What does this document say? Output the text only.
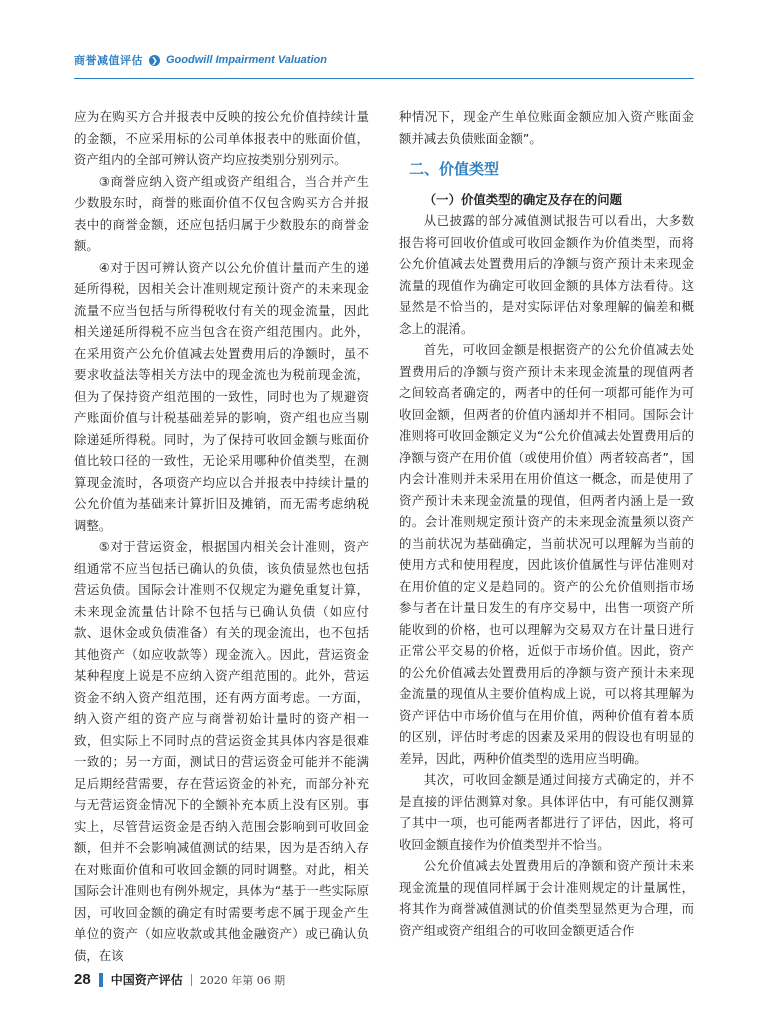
商誉减值评估 ❯ Goodwill Impairment Valuation

应为在购买方合并报表中反映的按公允价值持续计量的金额，不应采用标的公司单体报表中的账面价值，资产组内的全部可辨认资产均应按类别分别列示。

③商誉应纳入资产组或资产组组合，当合并产生少数股东时，商誉的账面价值不仅包含购买方合并报表中的商誉金额，还应包括归属于少数股东的商誉金额。

④对于因可辨认资产以公允价值计量而产生的递延所得税，因相关会计准则规定预计资产的未来现金流量不应当包括与所得税收付有关的现金流量，因此相关递延所得税不应当包含在资产组范围内。此外，在采用资产公允价值减去处置费用后的净额时，虽不要求收益法等相关方法中的现金流也为税前现金流，但为了保持资产组范围的一致性，同时也为了规避资产账面价值与计税基础差异的影响，资产组也应当剔除递延所得税。同时，为了保持可收回金额与账面价值比较口径的一致性，无论采用哪种价值类型，在测算现金流时，各项资产均应以合并报表中持续计量的公允价值为基础来计算折旧及摊销，而无需考虑纳税调整。

⑤对于营运资金，根据国内相关会计准则，资产组通常不应当包括已确认的负债，该负债显然也包括营运负债。国际会计准则不仅规定为避免重复计算，未来现金流量估计除不包括与已确认负债（如应付款、退休金或负债准备）有关的现金流出，也不包括其他资产（如应收款等）现金流入。因此，营运资金某种程度上说是不应纳入资产组范围的。此外，营运资金不纳入资产组范围，还有两方面考虑。一方面，纳入资产组的资产应与商誉初始计量时的资产相一致，但实际上不同时点的营运资金其具体内容是很难一致的；另一方面，测试日的营运资金可能并不能满足后期经营需要，存在营运资金的补充，而部分补充与无营运资金情况下的全额补充本质上没有区别。事实上，尽管营运资金是否纳入范围会影响到可收回金额，但并不会影响减值测试的结果，因为是否纳入存在对账面价值和可收回金额的同时调整。对此，相关国际会计准则也有例外规定，具体为“基于一些实际原因，可收回金额的确定有时需要考虑不属于现金产生单位的资产（如应收款或其他金融资产）或已确认负债，在该

种情况下，现金产生单位账面金额应加入资产账面金额并减去负债账面金额”。

二、价值类型

（一）价值类型的确定及存在的问题

从已披露的部分减值测试报告可以看出，大多数报告将可回收价值或可收回金额作为价值类型，而将公允价值减去处置费用后的净额与资产预计未来现金流量的现值作为确定可收回金额的具体方法看待。这显然是不恰当的，是对实际评估对象理解的偏差和概念上的混淆。

首先，可收回金额是根据资产的公允价值减去处置费用后的净额与资产预计未来现金流量的现值两者之间较高者确定的，两者中的任何一项都可能作为可收回金额，但两者的价值内涵却并不相同。国际会计准则将可收回金额定义为“公允价值减去处置费用后的净额与资产在用价值（或使用价值）两者较高者”，国内会计准则并未采用在用价值这一概念，而是使用了资产预计未来现金流量的现值，但两者内涵上是一致的。会计准则规定预计资产的未来现金流量须以资产的当前状况为基础确定，当前状况可以理解为当前的使用方式和使用程度，因此该价值属性与评估准则对在用价值的定义是趋同的。资产的公允价值则指市场参与者在计量日发生的有序交易中，出售一项资产所能收到的价格，也可以理解为交易双方在计量日进行正常公平交易的价格，近似于市场价值。因此，资产的公允价值减去处置费用后的净额与资产预计未来现金流量的现值从主要价值构成上说，可以将其理解为资产评估中市场价值与在用价值，两种价值有着本质的区别，评估时考虑的因素及采用的假设也有明显的差异，因此，两种价值类型的选用应当明确。

其次，可收回金额是通过间接方式确定的，并不是直接的评估测算对象。具体评估中，有可能仅测算了其中一项，也可能两者都进行了评估，因此，将可收回金额直接作为价值类型并不恰当。

公允价值减去处置费用后的净额和资产预计未来现金流量的现值同样属于会计准则规定的计量属性，将其作为商誉减值测试的价值类型显然更为合理，而资产组或资产组组合的可收回金额更适合作

28 中国资产评估 2020 年第 06 期
